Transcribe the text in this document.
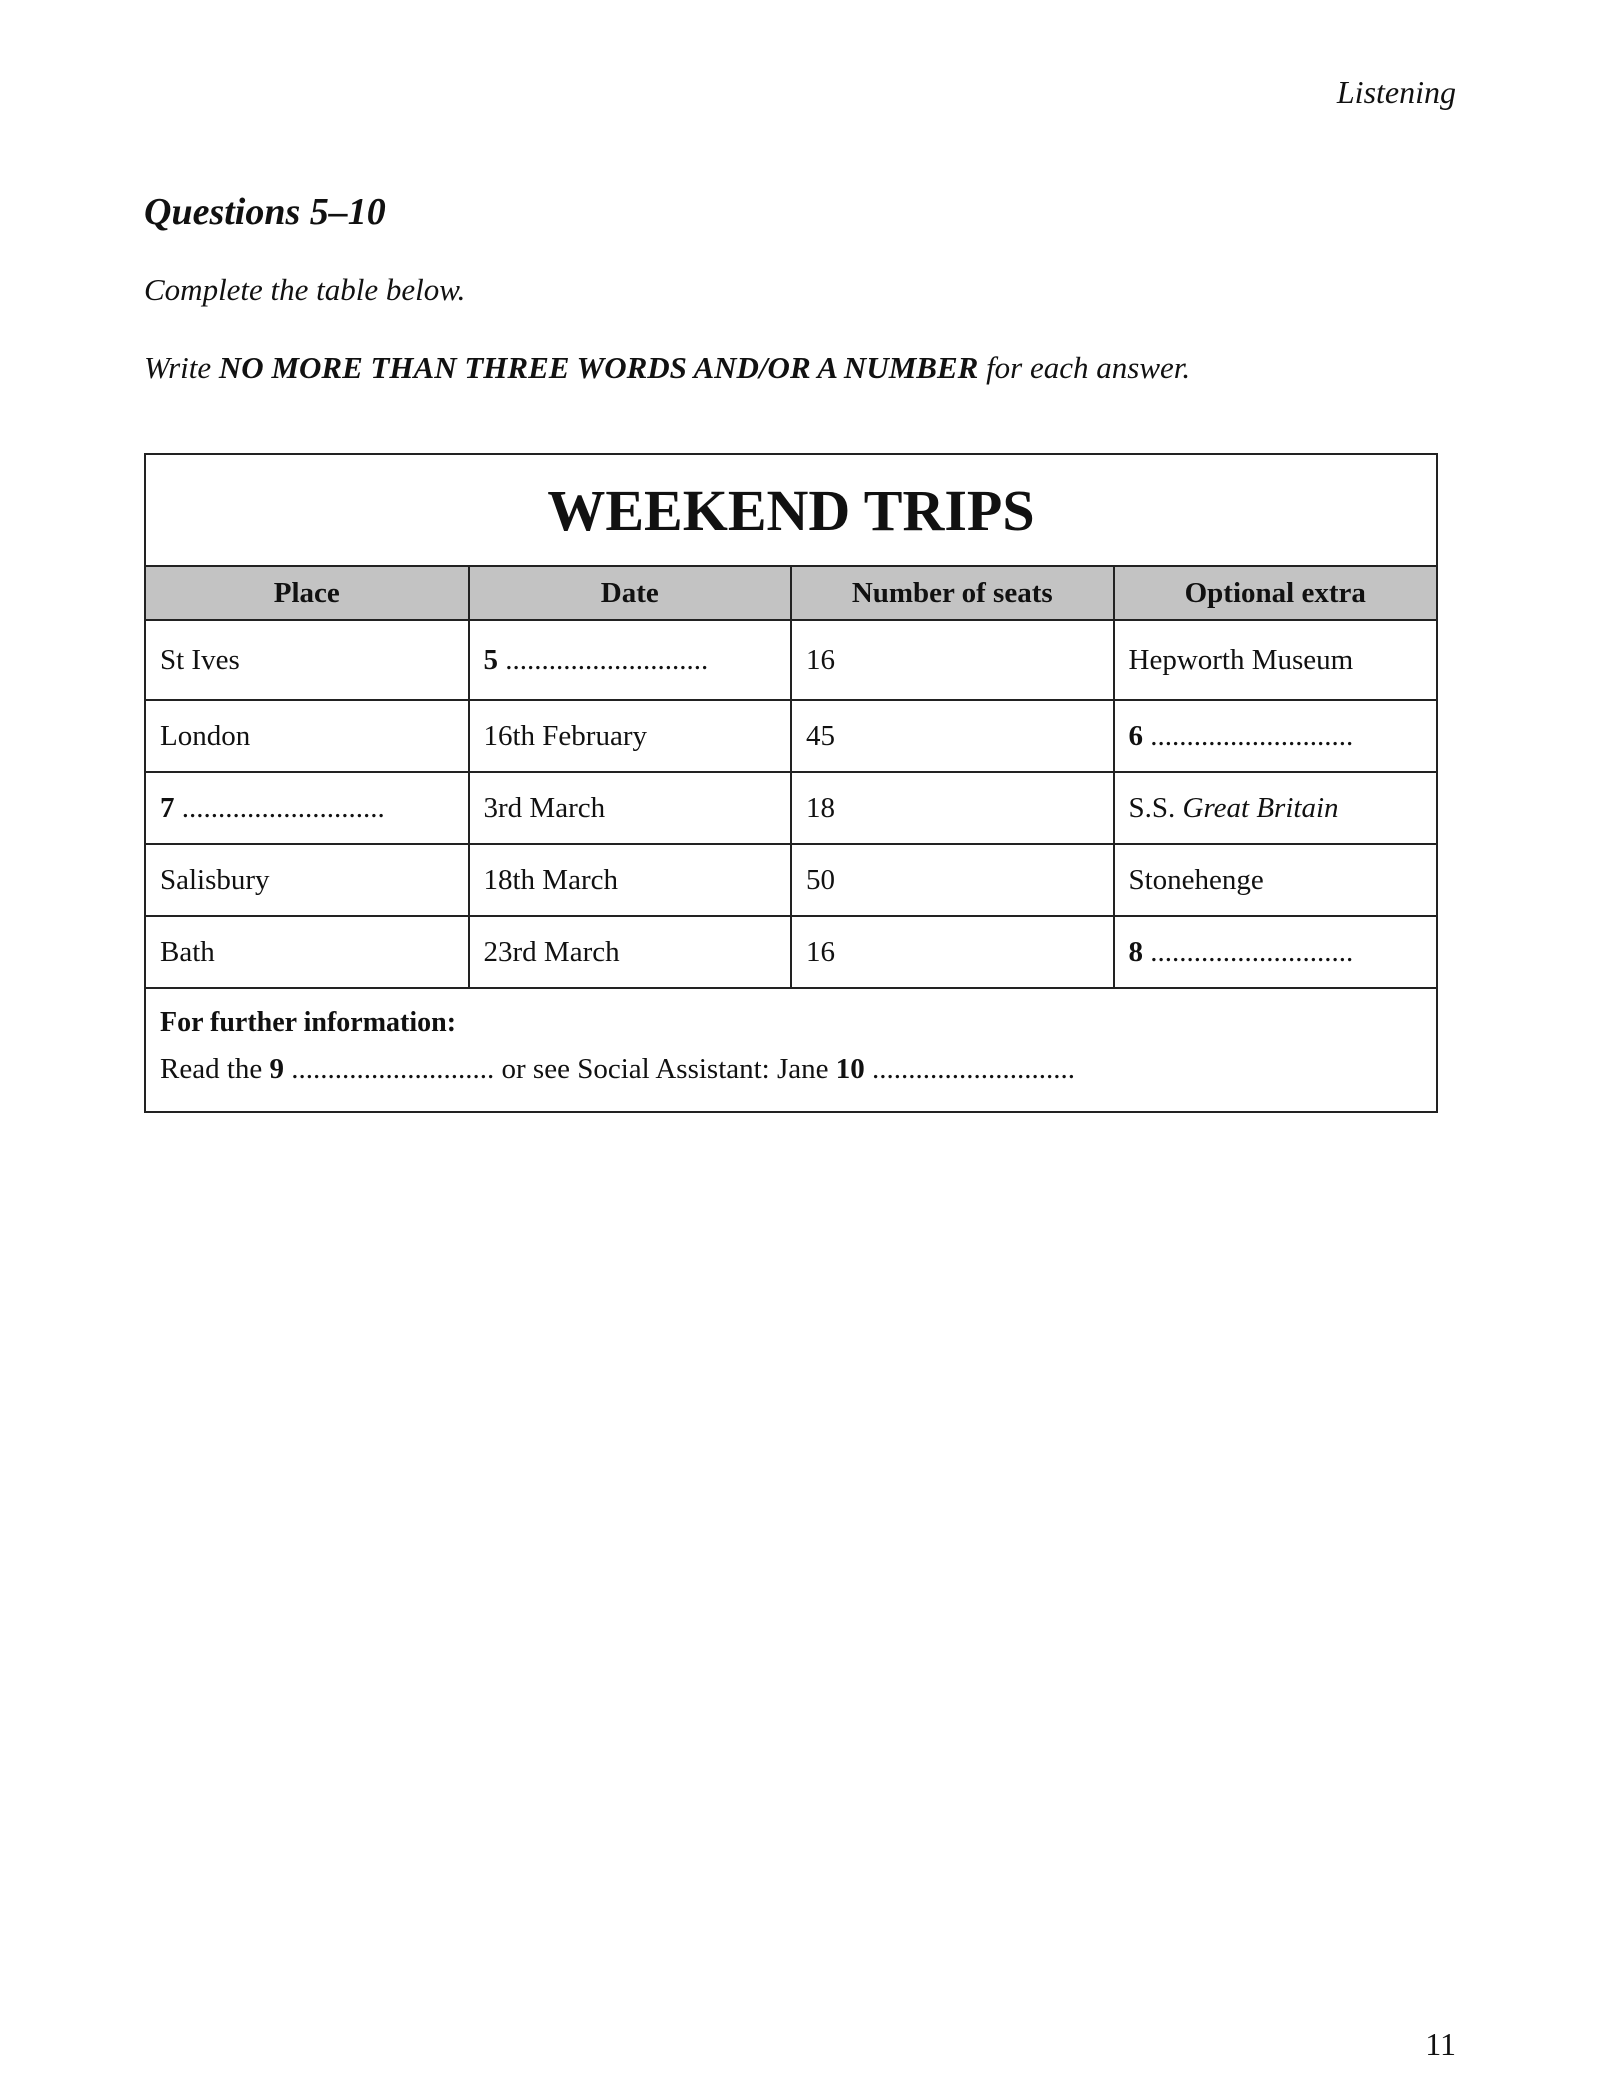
Listening
Questions 5–10
Complete the table below.
Write NO MORE THAN THREE WORDS AND/OR A NUMBER for each answer.
WEEKEND TRIPS
Place	Date	Number of seats	Optional extra
St Ives	5 ............................	16	Hepworth Museum
London	16th February	45	6 ............................
7 ............................	3rd March	18	S.S. Great Britain
Salisbury	18th March	50	Stonehenge
Bath	23rd March	16	8 ............................
For further information:
Read the 9 ............................ or see Social Assistant: Jane 10 ............................
11
